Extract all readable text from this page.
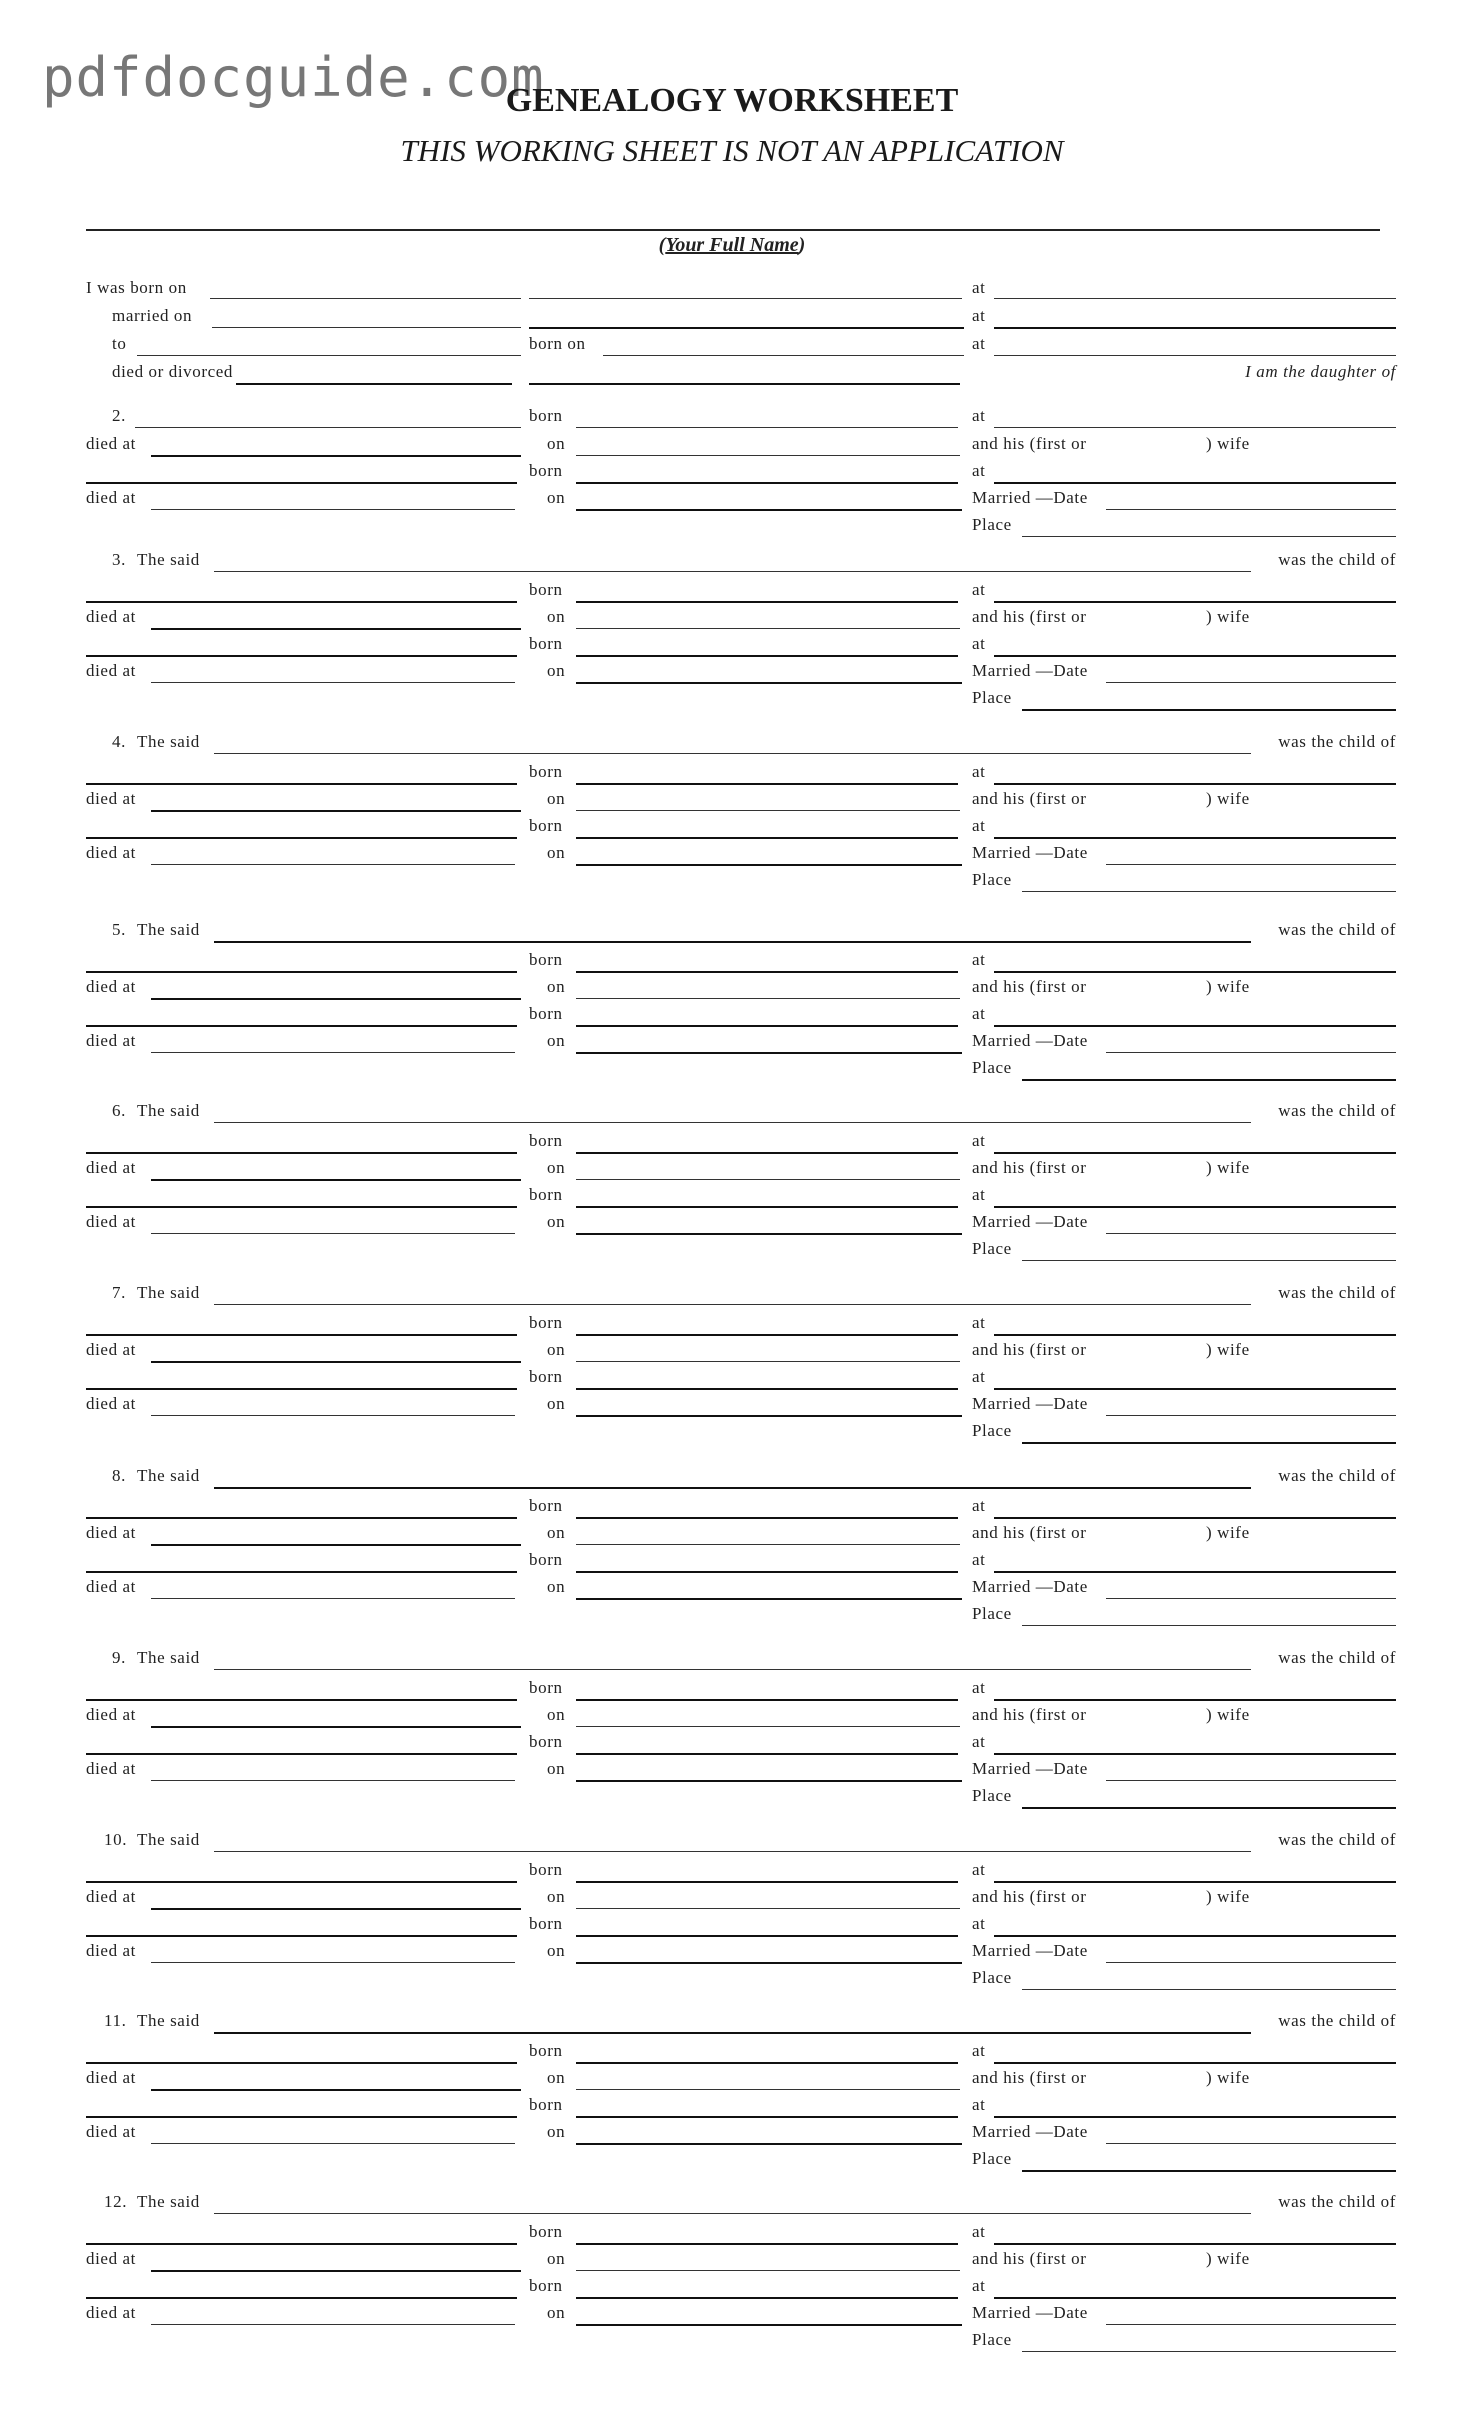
pdfdocguide.com
GENEALOGY WORKSHEET
THIS WORKING SHEET IS NOT AN APPLICATION
(Your Full Name)
I was born on	at
married on	at
to	born on	at
died or divorced	I am the daughter of
2.	born	at
died at	on	and his (first or	) wife
born	at
died at	on	Married —Date
Place
3. The said	was the child of
born	at
died at	on	and his (first or	) wife
born	at
died at	on	Married —Date
Place
4. The said	was the child of
born	at
died at	on	and his (first or	) wife
born	at
died at	on	Married —Date
Place
5. The said	was the child of
born	at
died at	on	and his (first or	) wife
born	at
died at	on	Married —Date
Place
6. The said	was the child of
born	at
died at	on	and his (first or	) wife
born	at
died at	on	Married —Date
Place
7. The said	was the child of
born	at
died at	on	and his (first or	) wife
born	at
died at	on	Married —Date
Place
8. The said	was the child of
born	at
died at	on	and his (first or	) wife
born	at
died at	on	Married —Date
Place
9. The said	was the child of
born	at
died at	on	and his (first or	) wife
born	at
died at	on	Married —Date
Place
10. The said	was the child of
born	at
died at	on	and his (first or	) wife
born	at
died at	on	Married —Date
Place
11. The said	was the child of
born	at
died at	on	and his (first or	) wife
born	at
died at	on	Married —Date
Place
12. The said	was the child of
born	at
died at	on	and his (first or	) wife
born	at
died at	on	Married —Date
Place
